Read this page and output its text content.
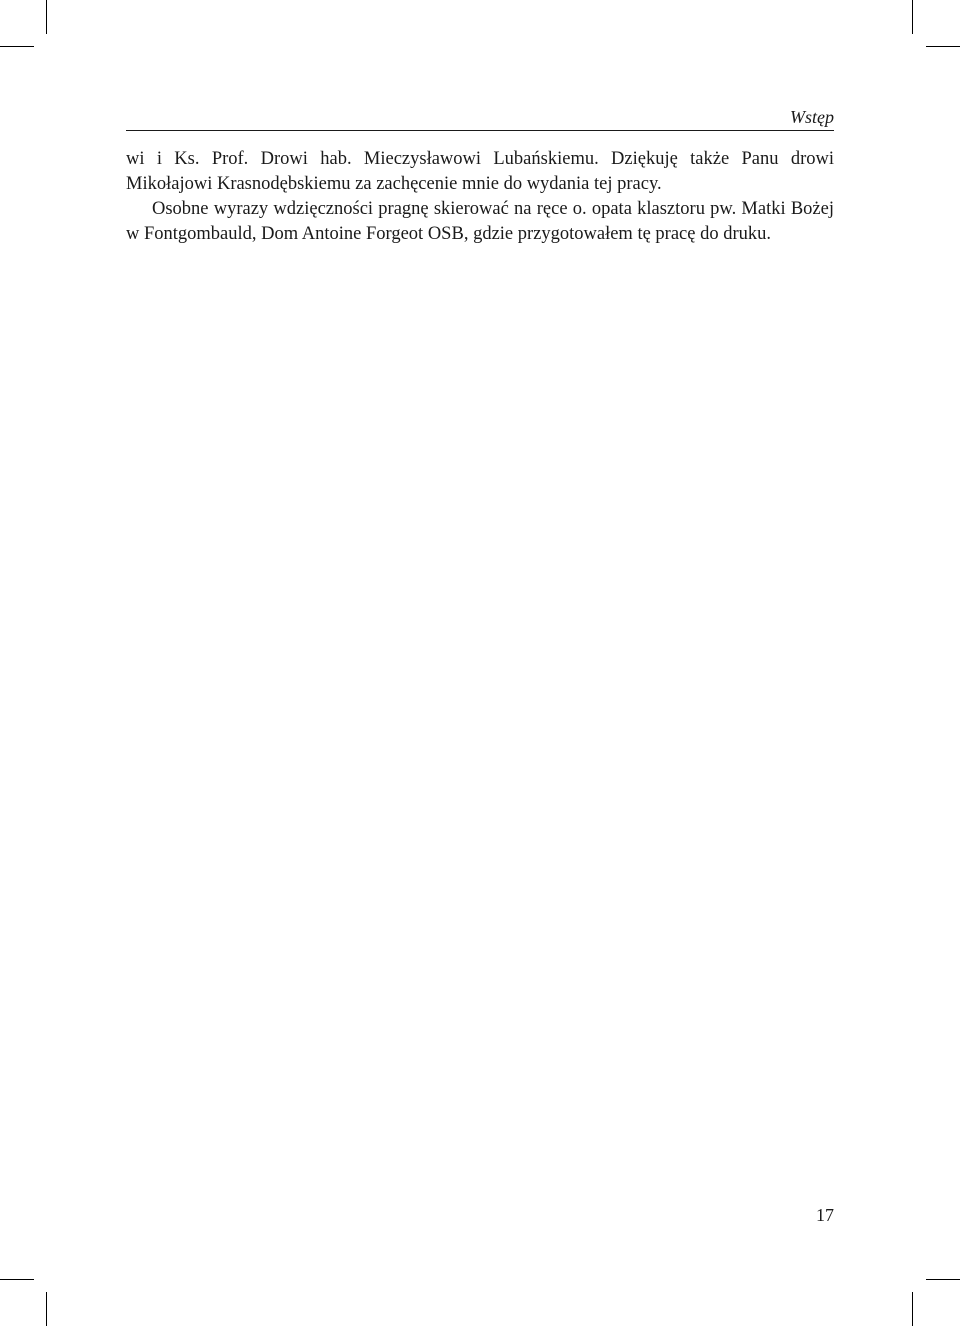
Wstęp

wi i Ks. Prof. Drowi hab. Mieczysławowi Lubańskiemu. Dziękuję także Panu drowi Mikołajowi Krasnodębskiemu za zachęcenie mnie do wydania tej pracy.

Osobne wyrazy wdzięczności pragnę skierować na ręce o. opata klasztoru pw. Matki Bożej w Fontgombauld, Dom Antoine Forgeot OSB, gdzie przygotowałem tę pracę do druku.

17
